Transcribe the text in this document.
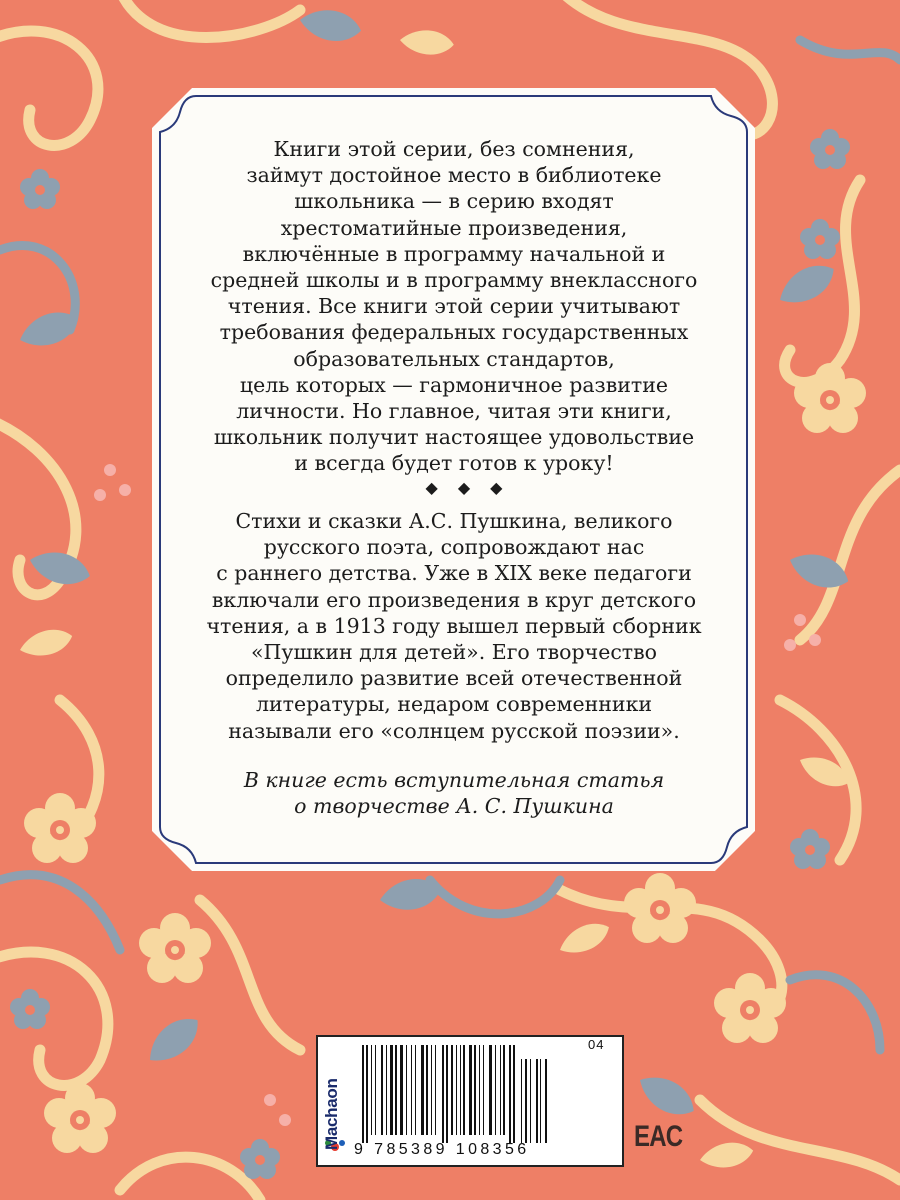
Книги этой серии, без сомнения,
займут достойное место в библиотеке
школьника — в серию входят
хрестоматийные произведения,
включённые в программу начальной и
средней школы и в программу внеклассного
чтения. Все книги этой серии учитывают
требования федеральных государственных
образовательных стандартов,
цель которых — гармоничное развитие
личности. Но главное, читая эти книги,
школьник получит настоящее удовольствие
и всегда будет готов к уроку!
◆◆◆
Стихи и сказки А.С. Пушкина, великого
русского поэта, сопровождают нас
с раннего детства. Уже в XIX веке педагоги
включали его произведения в круг детского
чтения, а в 1913 году вышел первый сборник
«Пушкин для детей». Его творчество
определило развитие всей отечественной
литературы, недаром современники
называли его «солнцем русской поэзии».
В книге есть вступительная статья
о творчестве А. С. Пушкина
Machaon
04
9 785389 108356	EAC
